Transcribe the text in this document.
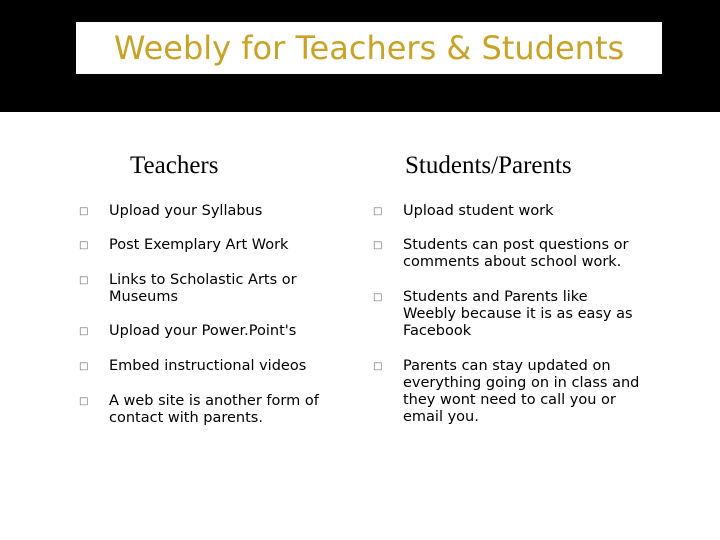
Weebly for Teachers & Students
Teachers	Students/Parents
□	Upload your Syllabus
□	Post Exemplary Art Work
□	Links to Scholastic Arts or
Museums
□	Upload your Power.Point's
□	Embed instructional videos
□	A web site is another form of
contact with parents.
□	Upload student work
□	Students can post questions or
comments about school work.
□	Students and Parents like
Weebly because it is as easy as
Facebook
□	Parents can stay updated on
everything going on in class and
they wont need to call you or
email you.
